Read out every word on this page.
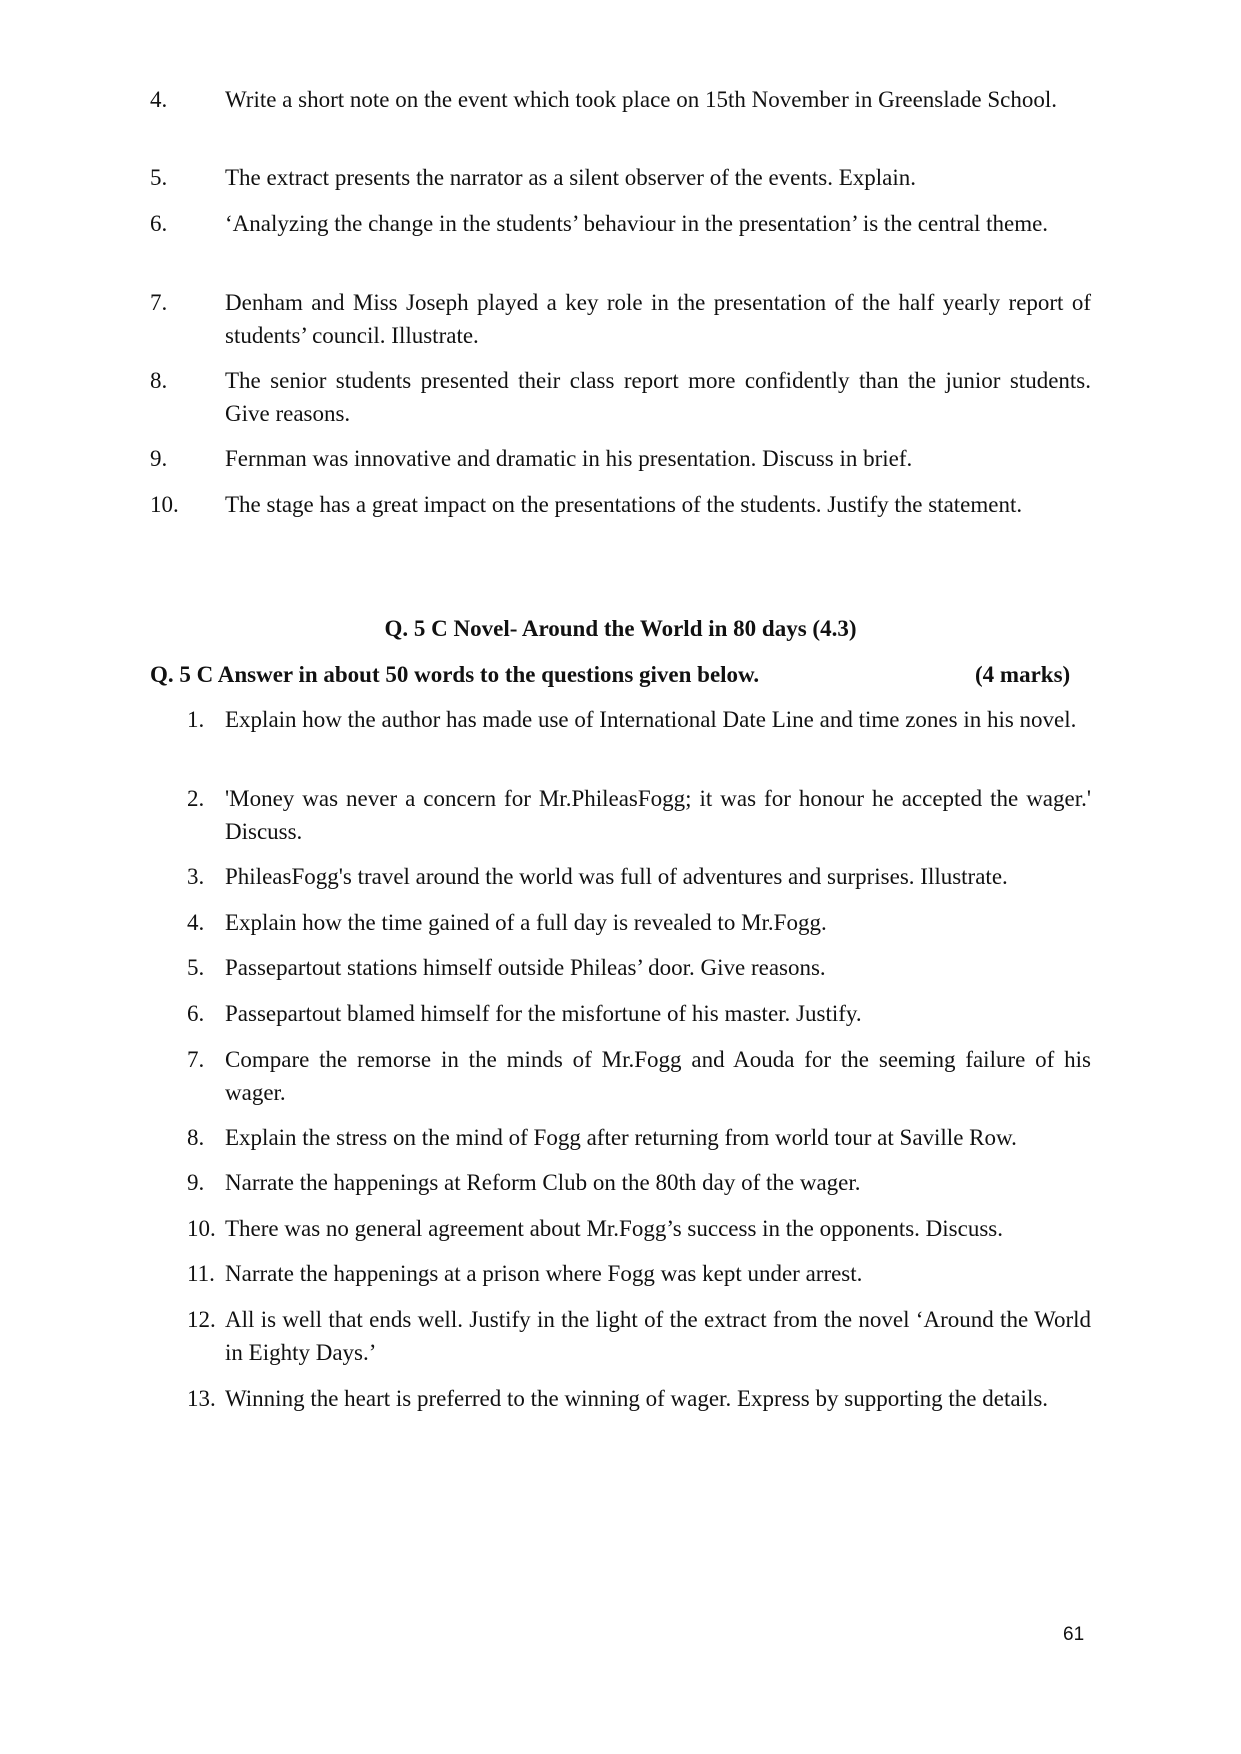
4.	Write a short note on the event which took place on 15th November in Greenslade School.
5.	The extract presents the narrator as a silent observer of the events. Explain.
6.	‘Analyzing the change in the students’ behaviour in the presentation’ is the central theme.
7.	Denham and Miss Joseph played a key role in the presentation of the half yearly report of students’ council. Illustrate.
8.	The senior students presented their class report more confidently than the junior students. Give reasons.
9.	Fernman was innovative and dramatic in his presentation. Discuss in brief.
10. The stage has a great impact on the presentations of the students. Justify the statement.
Q. 5 C Novel- Around the World in 80 days (4.3)
Q. 5 C Answer in about 50 words to the questions given below.	(4 marks)
1. Explain how the author has made use of International Date Line and time zones in his novel.
2. 'Money was never a concern for Mr.PhileasFogg; it was for honour he accepted the wager.' Discuss.
3. PhileasFogg's travel around the world was full of adventures and surprises. Illustrate.
4. Explain how the time gained of a full day is revealed to Mr.Fogg.
5. Passepartout stations himself outside Phileas’ door. Give reasons.
6. Passepartout blamed himself for the misfortune of his master. Justify.
7. Compare the remorse in the minds of Mr.Fogg and Aouda for the seeming failure of his wager.
8. Explain the stress on the mind of Fogg after returning from world tour at Saville Row.
9. Narrate the happenings at Reform Club on the 80th day of the wager.
10. There was no general agreement about Mr.Fogg’s success in the opponents. Discuss.
11. Narrate the happenings at a prison where Fogg was kept under arrest.
12. All is well that ends well. Justify in the light of the extract from the novel ‘Around the World in Eighty Days.’
13. Winning the heart is preferred to the winning of wager. Express by supporting the details.
61
